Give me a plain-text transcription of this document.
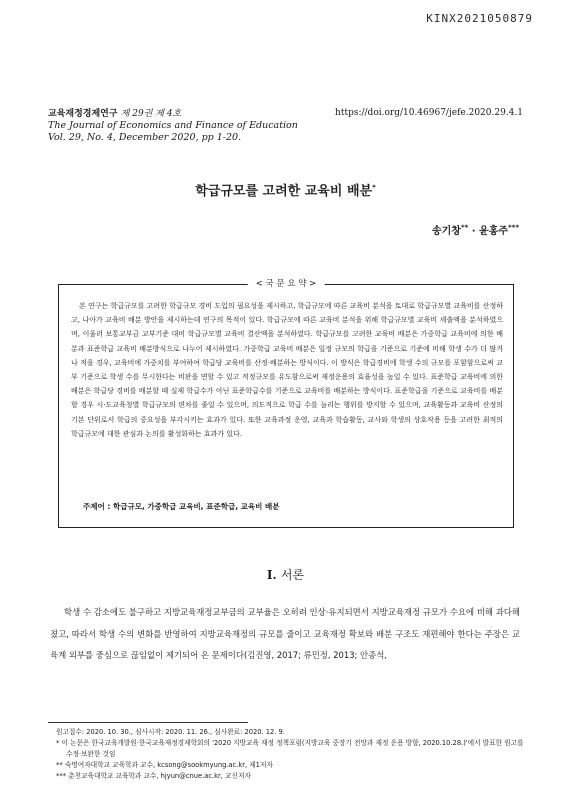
KINX2021050879
교육재정경제연구 제 29권 제 4호
The Journal of Economics and Finance of Education
Vol. 29, No. 4, December 2020, pp 1-20.
https://doi.org/10.46967/jefe.2020.29.4.1
학급규모를 고려한 교육비 배분*
송기창** · 윤홍주***
< 국 문 요 약 >
본 연구는 학급규모를 고려한 학급규모 경비 도입의 필요성을 제시하고, 학급규모에 따른 교육비 분석을 토대로 학급규모별 교육비를 산정하고, 나아가 교육비 배분 방안을 제시하는데 연구의 목적이 있다. 학급규모에 따른 교육비 분석을 위해 학급규모별 교육비 세출액을 분석하였으며, 이울러 보통교부금 교부기준 대비 학급규모별 교육비 결산액을 분석하였다. 학급규모를 고려한 교육비 배분은 가중학급 교육비에 의한 배분과 표준학급 교육비 배분방식으로 나누어 제시하였다. 가중학급 교육비 배분은 일정 규모의 학급을 기준으로 기준에 비해 학생 수가 더 많거나 적을 경우, 교육비에 가중치를 부여하여 학급당 교육비를 산정·배분하는 방식이다. 이 방식은 학급경비에 학생 수의 규모를 포함함으로써 교부 기준으로 학생 수를 무시한다는 비판을 면할 수 있고 적정규모를 유도함으로써 재정운용의 효율성을 높일 수 있다. 표준학급 교육비에 의한 배분은 학급당 경비를 배분할 때 실제 학급수가 아닌 표준학급수를 기준으로 교육비를 배분하는 방식이다. 표준학급을 기준으로 교육비를 배분할 경우 시·도교육청별 학급규모의 편차를 줄일 수 있으며, 의도적으로 학급 수를 늘리는 행위를 방지할 수 있으며, 교육활동과 교육비 산정의 기본 단위로서 학급의 중요성을 부각시키는 효과가 있다. 또한 교육과정 운영, 교육과 학습활동, 교사와 학생의 상호작용 등을 고려한 최적의 학급규모에 대한 관심과 논의를 활성화하는 효과가 있다.
주제어 : 학급규모, 가중학급 교육비, 표준학급, 교육비 배분
I. 서론
학생 수 감소에도 불구하고 지방교육재정교부금의 교부율은 오히려 인상·유지되면서 지방교육재정 규모가 수요에 비해 과다해졌고, 따라서 학생 수의 변화를 반영하여 지방교육재정의 규모를 줄이고 교육재정 확보와 배분 구조도 재편해야 한다는 주장은 교육계 외부를 중심으로 끊임없이 제기되어 온 문제이다(김진영, 2017; 류민정, 2013; 안종석,
원고접수: 2020. 10. 30., 심사시작: 2020. 11. 26., 심사완료: 2020. 12. 9.
* 이 논문은 한국교육개발원·한국교육재정경제학회의 '2020 지방교육 재정 정책포럼(지방교육 중장기 전망과 재정 운용 방향, 2020.10.28.)'에서 발표한 원고를 수정·보완한 것임
** 숙명여자대학교 교육학과 교수, kcsong@sookmyung.ac.kr, 제1저자
*** 춘천교육대학교 교육학과 교수, hjyun@cnue.ac.kr, 교신저자
